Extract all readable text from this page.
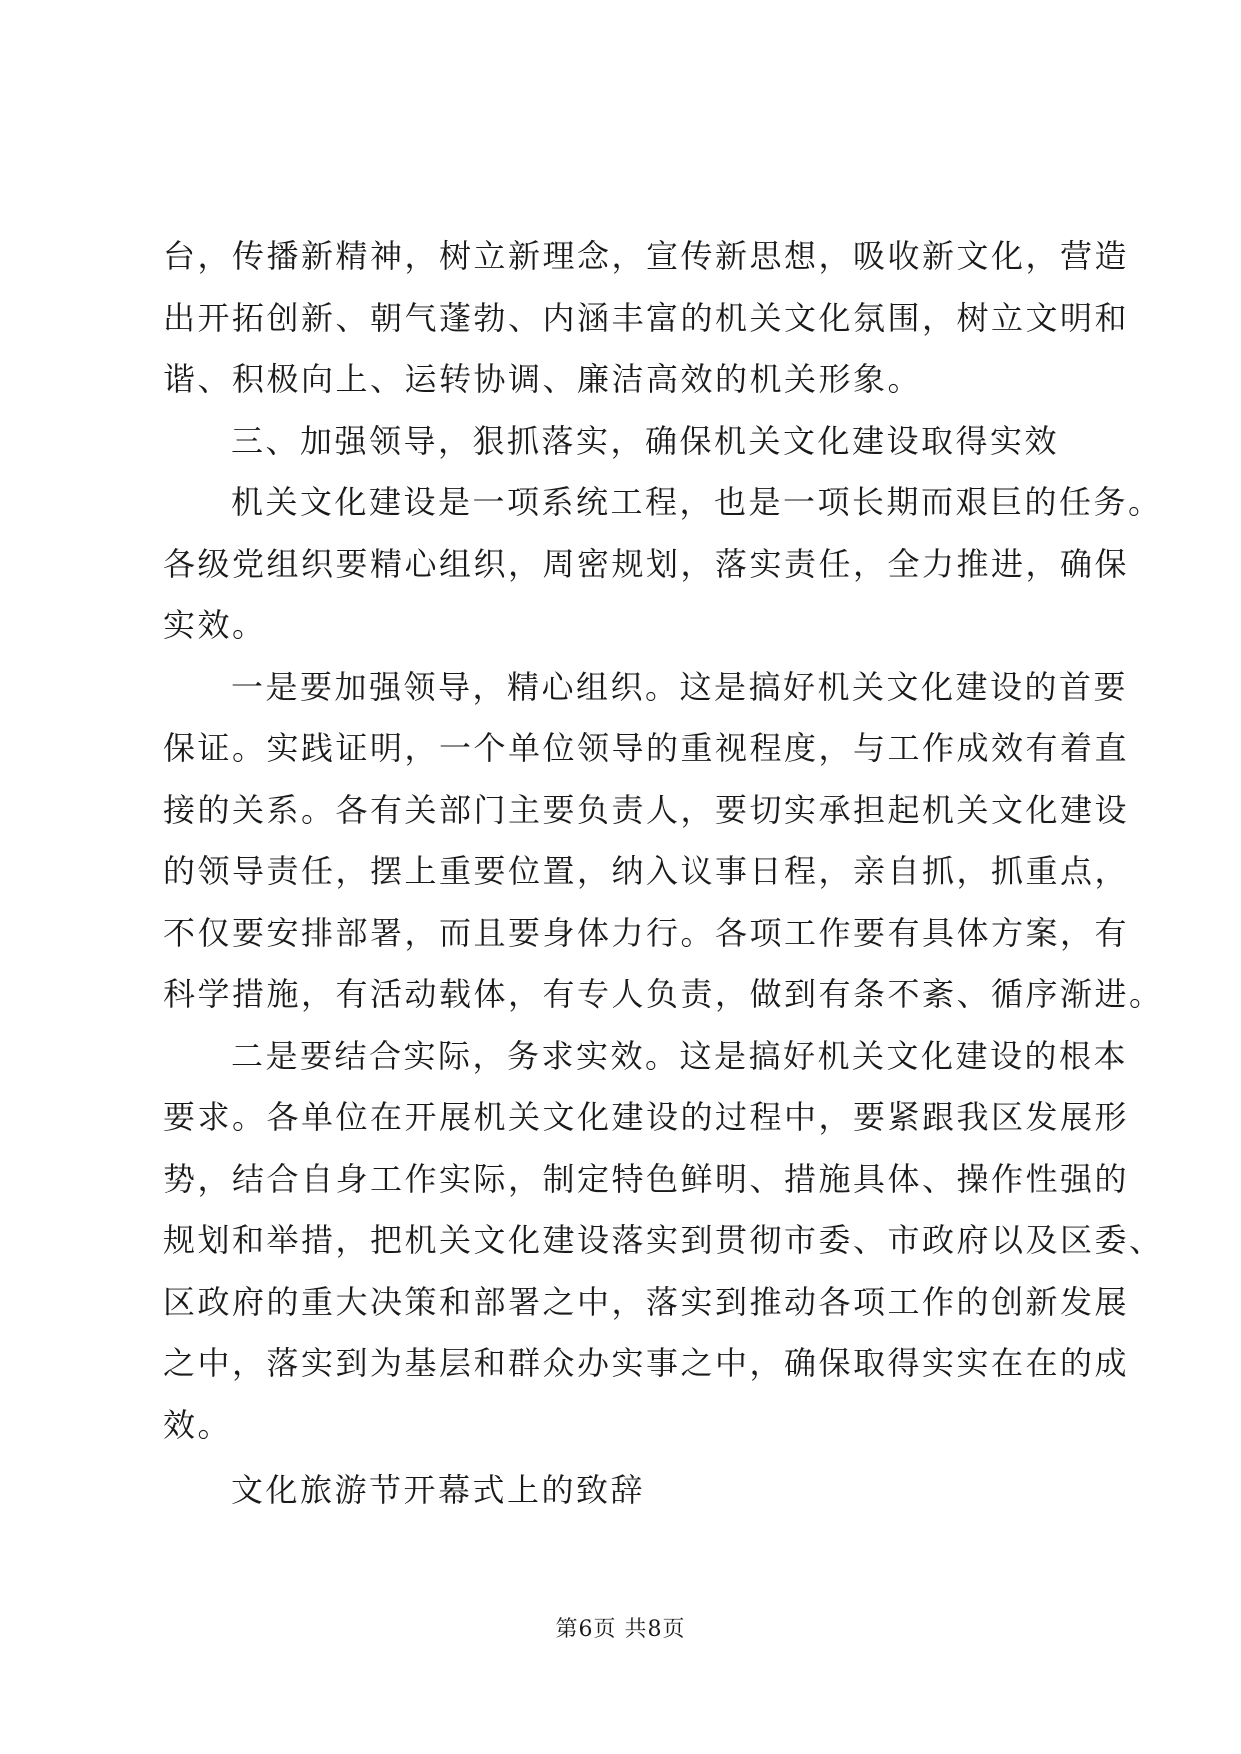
台，传播新精神，树立新理念，宣传新思想，吸收新文化，营造
出开拓创新、朝气蓬勃、内涵丰富的机关文化氛围，树立文明和
谐、积极向上、运转协调、廉洁高效的机关形象。
三、加强领导，狠抓落实，确保机关文化建设取得实效
机关文化建设是一项系统工程，也是一项长期而艰巨的任务。
各级党组织要精心组织，周密规划，落实责任，全力推进，确保
实效。
一是要加强领导，精心组织。这是搞好机关文化建设的首要
保证。实践证明，一个单位领导的重视程度，与工作成效有着直
接的关系。各有关部门主要负责人，要切实承担起机关文化建设
的领导责任，摆上重要位置，纳入议事日程，亲自抓，抓重点，
不仅要安排部署，而且要身体力行。各项工作要有具体方案，有
科学措施，有活动载体，有专人负责，做到有条不紊、循序渐进。
二是要结合实际，务求实效。这是搞好机关文化建设的根本
要求。各单位在开展机关文化建设的过程中，要紧跟我区发展形
势，结合自身工作实际，制定特色鲜明、措施具体、操作性强的
规划和举措，把机关文化建设落实到贯彻市委、市政府以及区委、
区政府的重大决策和部署之中，落实到推动各项工作的创新发展
之中，落实到为基层和群众办实事之中，确保取得实实在在的成
效。
文化旅游节开幕式上的致辞
第6页 共8页
